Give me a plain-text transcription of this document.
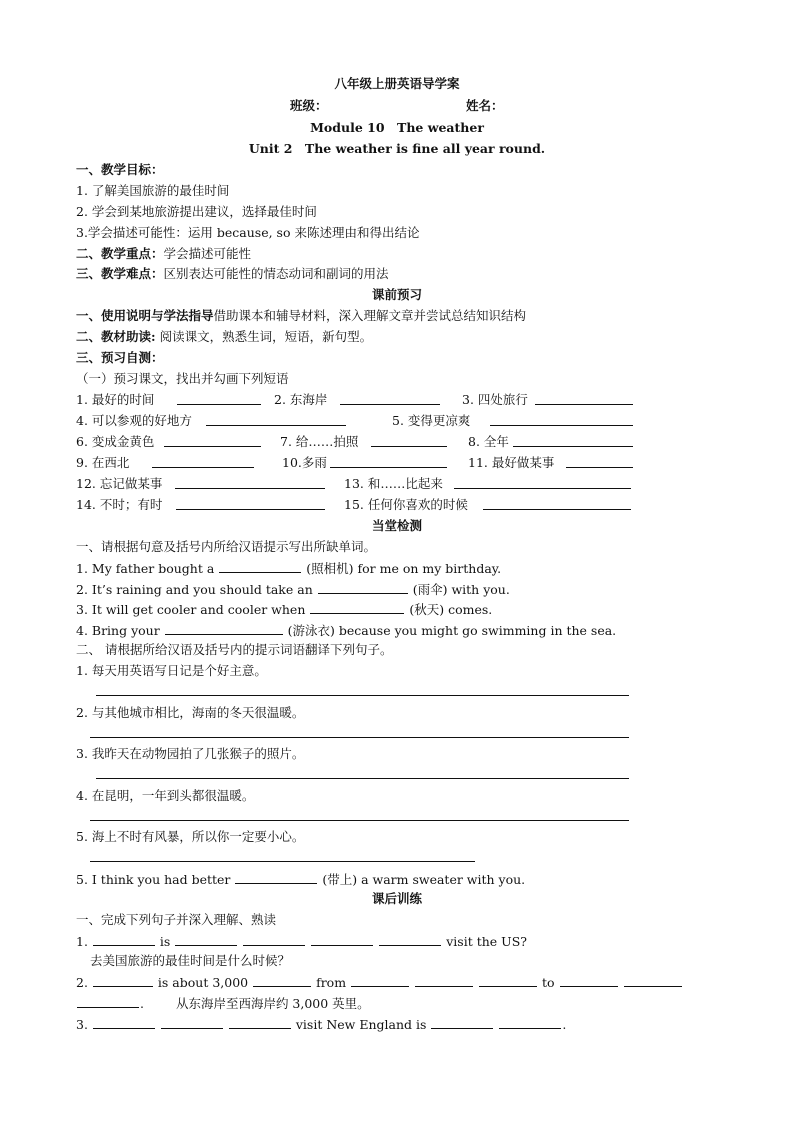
八年级上册英语导学案
班级：	姓名：
Module 10　The weather
Unit 2　The weather is fine all year round.
一、教学目标：
1. 了解美国旅游的最佳时间
2. 学会到某地旅游提出建议，选择最佳时间
3.学会描述可能性：运用 because, so 来陈述理由和得出结论
二、教学重点：学会描述可能性
三、教学难点：区别表达可能性的情态动词和副词的用法
课前预习
一、使用说明与学法指导借助课本和辅导材料，深入理解文章并尝试总结知识结构
二、教材助读: 阅读课文，熟悉生词，短语，新句型。
三、预习自测：
（一）预习课文，找出并勾画下列短语
1. 最好的时间	2. 东海岸	3. 四处旅行
4. 可以参观的好地方	5. 变得更凉爽
6. 变成金黄色	7. 给……拍照	8. 全年
9. 在西北	10.多雨	11. 最好做某事
12. 忘记做某事	13. 和……比起来
14. 不时；有时	15. 任何你喜欢的时候
当堂检测
一、请根据句意及括号内所给汉语提示写出所缺单词。
1. My father bought a	(照相机) for me on my birthday.
2. It’s raining and you should take an	(雨伞) with you.
3. It will get cooler and cooler when	(秋天) comes.
4. Bring your	(游泳衣) because you might go swimming in the sea.
二、 请根据所给汉语及括号内的提示词语翻译下列句子。
1. 每天用英语写日记是个好主意。
2. 与其他城市相比，海南的冬天很温暖。
3. 我昨天在动物园拍了几张猴子的照片。
4. 在昆明，一年到头都很温暖。
5. 海上不时有风暴，所以你一定要小心。
5. I think you had better	(带上) a warm sweater with you.
课后训练
一、完成下列句子并深入理解、熟读
1.	is	visit the US?
去美国旅游的最佳时间是什么时候？
2.	is about 3,000	from	to
.	从东海岸至西海岸约 3,000 英里。
3.	visit New England is	.
